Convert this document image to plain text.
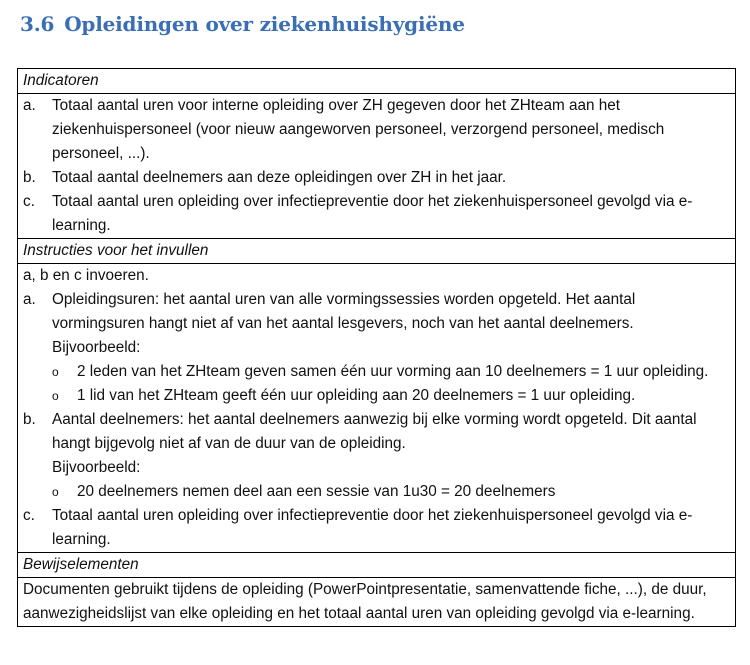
3.6 Opleidingen over ziekenhuishygiëne
Indicatoren
a.	Totaal aantal uren voor interne opleiding over ZH gegeven door het ZHteam aan het ziekenhuispersoneel (voor nieuw aangeworven personeel, verzorgend personeel, medisch personeel, ...).
b.	Totaal aantal deelnemers aan deze opleidingen over ZH in het jaar.
c.	Totaal aantal uren opleiding over infectiepreventie door het ziekenhuispersoneel gevolgd via e-learning.
Instructies voor het invullen
a, b en c invoeren.
a.	Opleidingsuren: het aantal uren van alle vormingssessies worden opgeteld. Het aantal vormingsuren hangt niet af van het aantal lesgevers, noch van het aantal deelnemers.
Bijvoorbeeld:
o	2 leden van het ZHteam geven samen één uur vorming aan 10 deelnemers = 1 uur opleiding.
o	1 lid van het ZHteam geeft één uur opleiding aan 20 deelnemers = 1 uur opleiding.
b.	Aantal deelnemers: het aantal deelnemers aanwezig bij elke vorming wordt opgeteld. Dit aantal hangt bijgevolg niet af van de duur van de opleiding.
Bijvoorbeeld:
o	20 deelnemers nemen deel aan een sessie van 1u30 = 20 deelnemers
c.	Totaal aantal uren opleiding over infectiepreventie door het ziekenhuispersoneel gevolgd via e-learning.
Bewijselementen
Documenten gebruikt tijdens de opleiding (PowerPointpresentatie, samenvattende fiche, ...), de duur, aanwezigheidslijst van elke opleiding en het totaal aantal uren van opleiding gevolgd via e-learning.
